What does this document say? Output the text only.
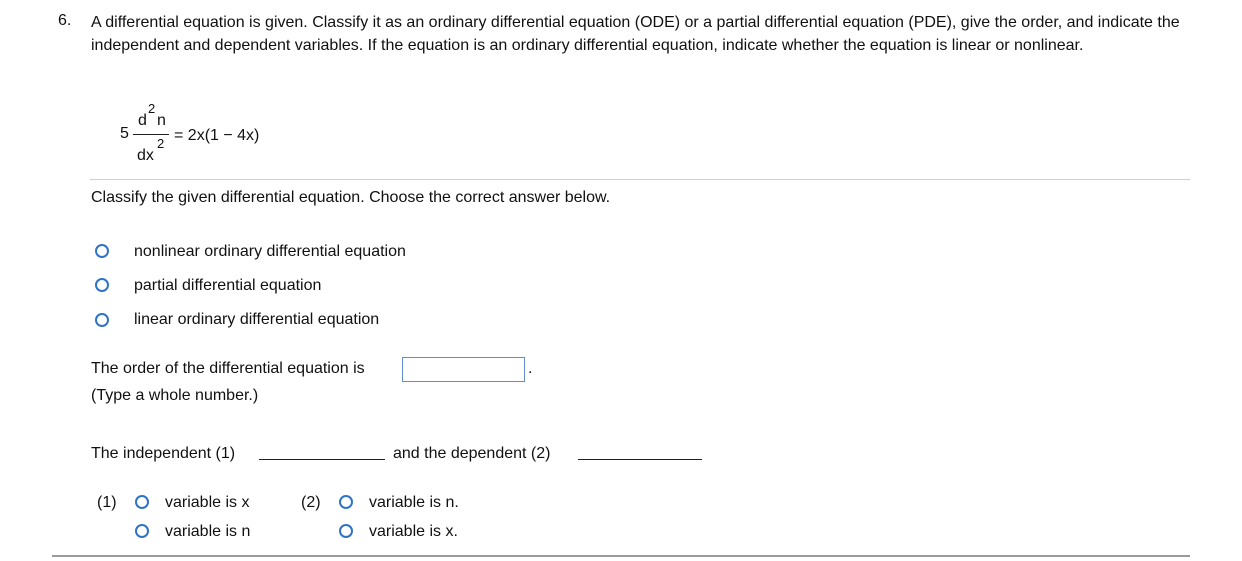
6. A differential equation is given. Classify it as an ordinary differential equation (ODE) or a partial differential equation (PDE), give the order, and indicate the independent and dependent variables. If the equation is an ordinary differential equation, indicate whether the equation is linear or nonlinear.
5
d
2
n
dx
2 = 2x(1 − 4x)
Classify the given differential equation. Choose the correct answer below.
nonlinear ordinary differential equation
partial differential equation
linear ordinary differential equation
The order of the differential equation is	.
(Type a whole number.)
The independent (1)	and the dependent (2)
(1)	variable is x
variable is n
(2)	variable is n.
variable is x.
